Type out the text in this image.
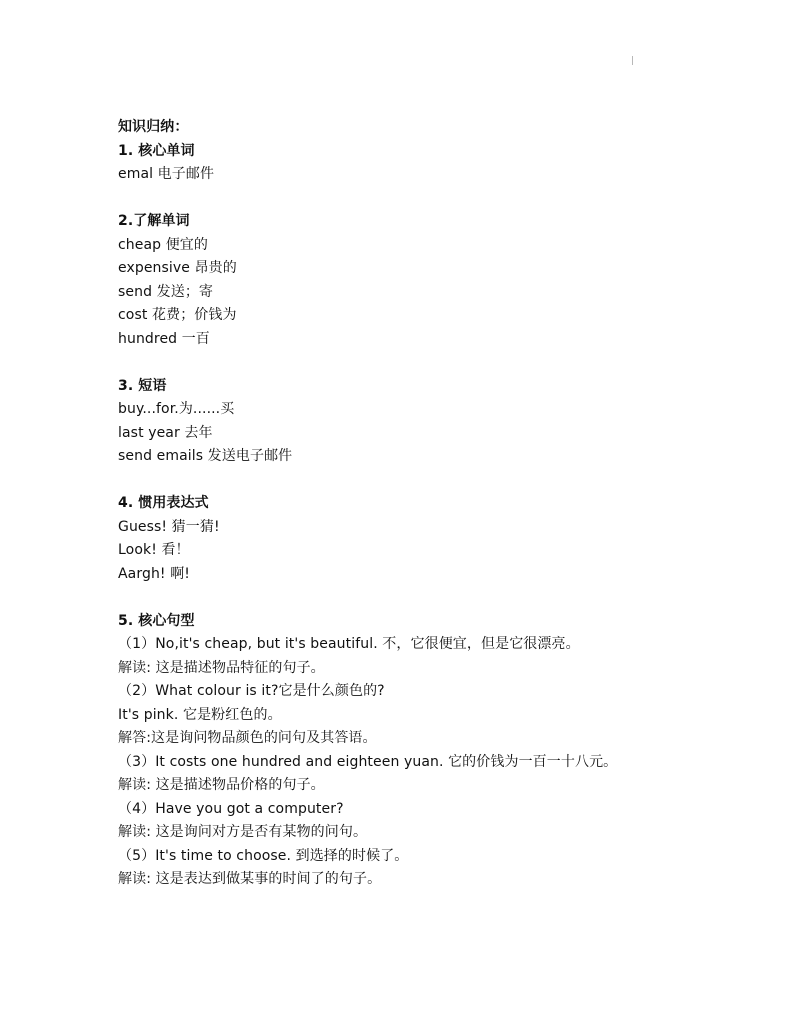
知识归纳：
1. 核心单词
emal 电子邮件
2.了解单词
cheap 便宜的
expensive 昂贵的
send 发送；寄
cost 花费；价钱为
hundred 一百
3. 短语
buy...for.为......买
last year 去年
send emails 发送电子邮件
4. 惯用表达式
Guess! 猜一猜!
Look! 看！
Aargh! 啊!
5. 核心句型
（1）No,it's cheap, but it's beautiful. 不，它很便宜，但是它很漂亮。
解读: 这是描述物品特征的句子。
（2）What colour is it?它是什么颜色的?
It's pink. 它是粉红色的。
解答:这是询问物品颜色的问句及其答语。
（3）It costs one hundred and eighteen yuan. 它的价钱为一百一十八元。
解读: 这是描述物品价格的句子。
（4）Have you got a computer?
解读: 这是询问对方是否有某物的问句。
（5）It's time to choose. 到选择的时候了。
解读: 这是表达到做某事的时间了的句子。
